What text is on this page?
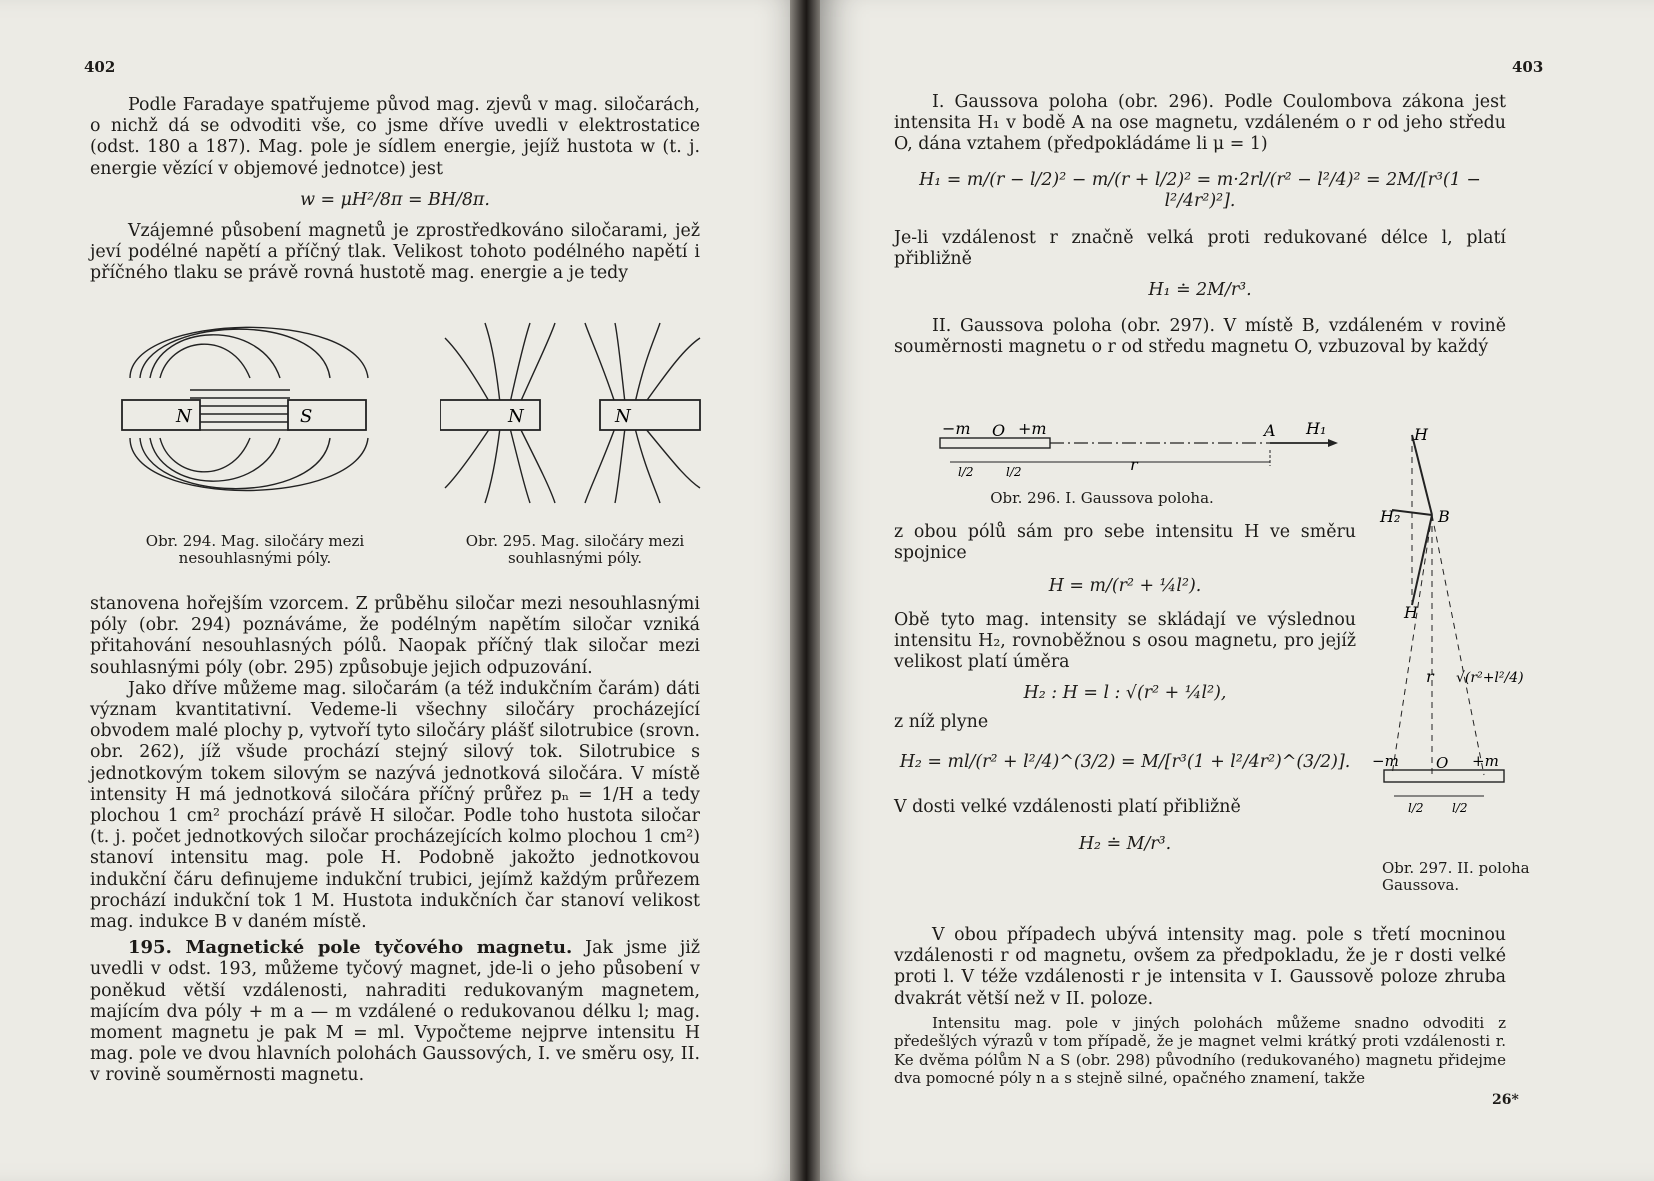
402

Podle Faradaye spatřujeme původ mag. zjevů v mag. siločarách, o nichž dá se odvoditi vše, co jsme dříve uvedli v elektrostatice (odst. 180 a 187). Mag. pole je sídlem energie, jejíž hustota w (t. j. energie vězící v objemové jednotce) jest

w = μH²/8π = BH/8π.

Vzájemné působení magnetů je zprostředkováno siločarami, jež jeví podélné napětí a příčný tlak. Velikost tohoto podélného napětí i příčného tlaku se právě rovná hustotě mag. energie a je tedy

N	S	N	N
Obr. 294. Mag. siločáry mezi nesouhlasnými póly.
Obr. 295. Mag. siločáry mezi souhlasnými póly.

stanovena hořejším vzorcem. Z průběhu siločar mezi nesouhlasnými póly (obr. 294) poznáváme, že podélným napětím siločar vzniká přitahování nesouhlasných pólů. Naopak příčný tlak siločar mezi souhlasnými póly (obr. 295) způsobuje jejich odpuzování.

Jako dříve můžeme mag. siločarám (a též indukčním čarám) dáti význam kvantitativní. Vedeme-li všechny siločáry procházející obvodem malé plochy p, vytvoří tyto siločáry plášť silotrubice (srovn. obr. 262), jíž všude prochází stejný silový tok. Silotrubice s jednotkovým tokem silovým se nazývá jednotková siločára. V místě intensity H má jednotková siločára příčný průřez pₙ = 1/H a tedy plochou 1 cm² prochází právě H siločar. Podle toho hustota siločar (t. j. počet jednotkových siločar procházejících kolmo plochou 1 cm²) stanoví intensitu mag. pole H. Podobně jakožto jednotkovou indukční čáru definujeme indukční trubici, jejímž každým průřezem prochází indukční tok 1 M. Hustota indukčních čar stanoví velikost mag. indukce B v daném místě.

195. Magnetické pole tyčového magnetu. Jak jsme již uvedli v odst. 193, můžeme tyčový magnet, jde-li o jeho působení v poněkud větší vzdálenosti, nahraditi redukovaným magnetem, majícím dva póly + m a — m vzdálené o redukovanou délku l; mag. moment magnetu je pak M = ml. Vypočteme nejprve intensitu H mag. pole ve dvou hlavních polohách Gaussových, I. ve směru osy, II. v rovině souměrnosti magnetu.

403

I. Gaussova poloha (obr. 296). Podle Coulombova zákona jest intensita H₁ v bodě A na ose magnetu, vzdáleném o r od jeho středu O, dána vztahem (předpokládáme li μ = 1)

H₁ = m/(r − l/2)² − m/(r + l/2)² = m·2rl/(r² − l²/4)² = 2M/[r³(1 − l²/4r²)²].

Je-li vzdálenost r značně velká proti redukované délce l, platí přibližně

H₁ ≐ 2M/r³.

II. Gaussova poloha (obr. 297). V místě B, vzdáleném v rovině souměrnosti magnetu o r od středu magnetu O, vzbuzoval by každý

−m O +m	A H₁
l/2	l/2	r
Obr. 296. I. Gaussova poloha.

z obou pólů sám pro sebe intensitu H ve směru spojnice

H = m/(r² + ¼l²).

Obě tyto mag. intensity se skládají ve výslednou intensitu H₂, rovnoběžnou s osou magnetu, pro jejíž velikost platí úměra

H₂ : H = l : √(r² + ¼l²),

z níž plyne

H₂ = ml/(r² + l²/4)^(3/2) = M/[r³(1 + l²/4r²)^(3/2)].

V dosti velké vzdálenosti platí přibližně

H₂ ≐ M/r³.

H
H₂ B
H
r √(r²+l²/4)
−m O +m
l/2 l/2
Obr. 297. II. poloha Gaussova.

V obou případech ubývá intensity mag. pole s třetí mocninou vzdálenosti r od magnetu, ovšem za předpokladu, že je r dosti velké proti l. V téže vzdálenosti r je intensita v I. Gaussově poloze zhruba dvakrát větší než v II. poloze.

Intensitu mag. pole v jiných polohách můžeme snadno odvoditi z předešlých výrazů v tom případě, že je magnet velmi krátký proti vzdálenosti r. Ke dvěma pólům N a S (obr. 298) původního (redukovaného) magnetu přidejme dva pomocné póly n a s stejně silné, opačného znamení, takže

26*
